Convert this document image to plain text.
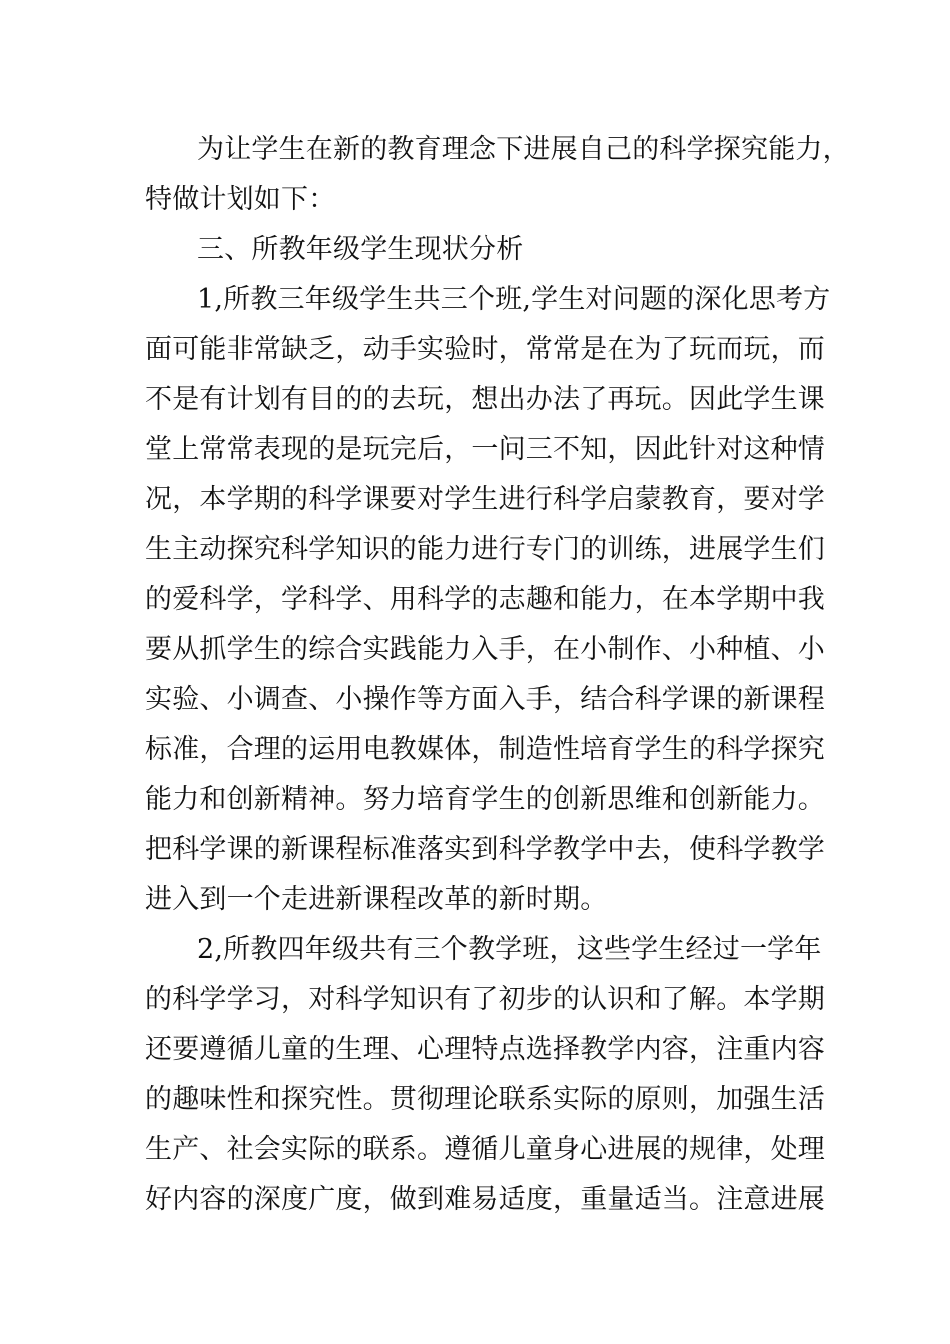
为让学生在新的教育理念下进展自己的科学探究能力，
特做计划如下：
三、所教年级学生现状分析
1,所教三年级学生共三个班,学生对问题的深化思考方
面可能非常缺乏，动手实验时，常常是在为了玩而玩，而
不是有计划有目的的去玩，想出办法了再玩。因此学生课
堂上常常表现的是玩完后，一问三不知，因此针对这种情
况，本学期的科学课要对学生进行科学启蒙教育，要对学
生主动探究科学知识的能力进行专门的训练，进展学生们
的爱科学，学科学、用科学的志趣和能力，在本学期中我
要从抓学生的综合实践能力入手，在小制作、小种植、小
实验、小调查、小操作等方面入手，结合科学课的新课程
标准，合理的运用电教媒体，制造性培育学生的科学探究
能力和创新精神。努力培育学生的创新思维和创新能力。
把科学课的新课程标准落实到科学教学中去，使科学教学
进入到一个走进新课程改革的新时期。
2,所教四年级共有三个教学班，这些学生经过一学年
的科学学习，对科学知识有了初步的认识和了解。本学期
还要遵循儿童的生理、心理特点选择教学内容，注重内容
的趣味性和探究性。贯彻理论联系实际的原则，加强生活
生产、社会实际的联系。遵循儿童身心进展的规律，处理
好内容的深度广度，做到难易适度，重量适当。注意进展
